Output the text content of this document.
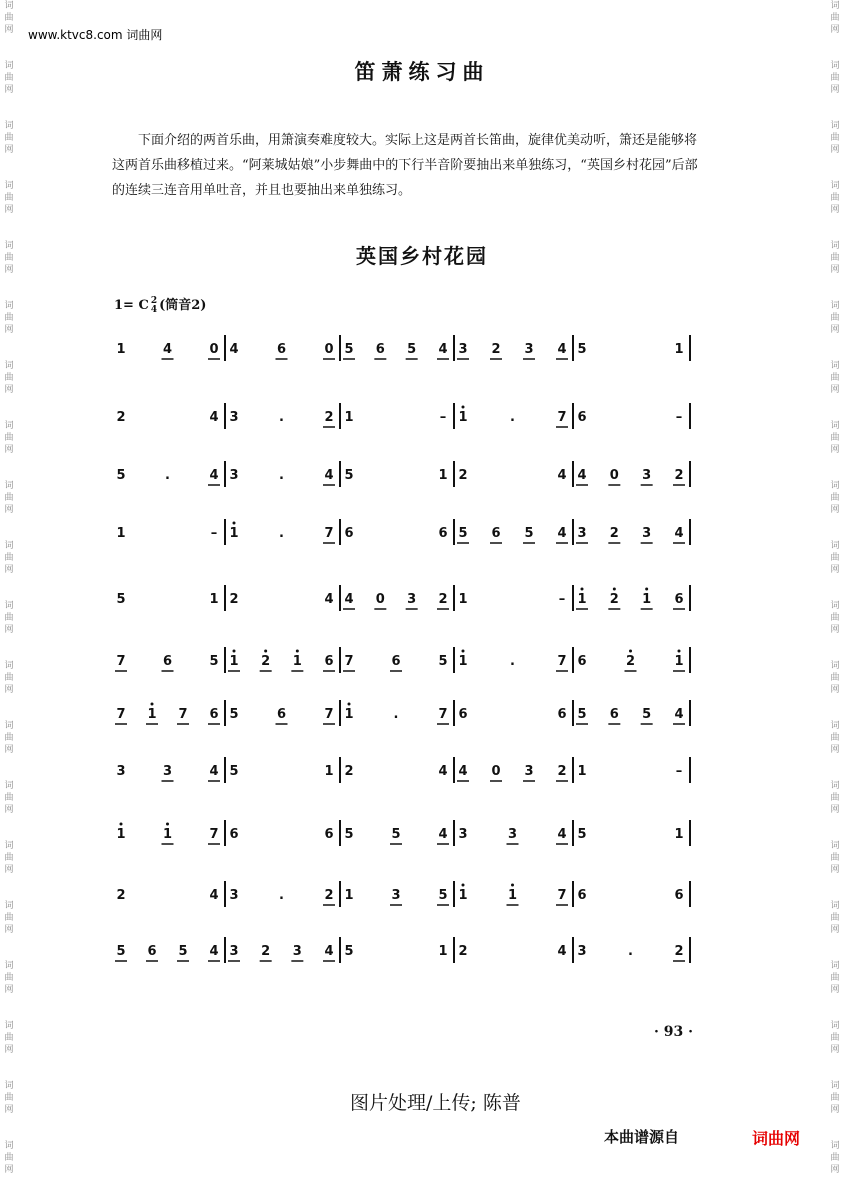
词
曲
网
词
曲
网
词
曲
网
词
曲
网
词
曲
网
词
曲
网
词
曲
网
词
曲
网
词
曲
网
词
曲
网
词
曲
网
词
曲
网
词
曲
网
词
曲
网
词
曲
网
词
曲
网
词
曲
网
词
曲
网
词
曲
网
词
曲
网
词
曲
网
词
曲
网
词
曲
网
词
曲
网
词
曲
网
词
曲
网
词
曲
网
词
曲
网
词
曲
网
词
曲
网
词
曲
网
词
曲
网
词
曲
网
词
曲
网
词
曲
网
词
曲
网
词
曲
网
词
曲
网
词
曲
网
词
曲
网
www.ktvc8.com 词曲网
笛萧练习曲

下面介绍的两首乐曲，用箫演奏难度较大。实际上这是两首长笛曲，旋律优美动听，箫还是能够将这两首乐曲移植过来。“阿莱城姑娘”小步舞曲中的下行半音阶要抽出来单独练习，“英国乡村花园”后部的连续三连音用单吐音，并且也要抽出来单独练习。

英国乡村花园
1= C 2
4 (筒音2)
1	4	0 4	6	0 5 6 5 4 3 2 3 4 5	1
2	4 3	.	2 1	– 1	.	7 6	–
5	.	4 3	.	4 5	1 2	4 4 0 3 2
1	– 1	.	7 6	6 5 6 5 4 3 2 3 4
5	1 2	4 4 0 3 2 1	– 1 2 1 6
7	6	5 1 2 1 6 7	6	5 1	.	7 6	2	1
7 1 7 6 5	6	7 1	.	7 6	6 5 6 5 4
3	3	4 5	1 2	4 4 0 3 2 1	–
1	1	7 6	6 5	5	4 3	3	4 5	1
2	4 3	.	2 1	3	5 1	1	7 6	6
5 6 5 4 3 2 3 4 5	1 2	4 3	.	2
· 93 ·
图片处理/上传; 陈普
本曲谱源自	词曲网
